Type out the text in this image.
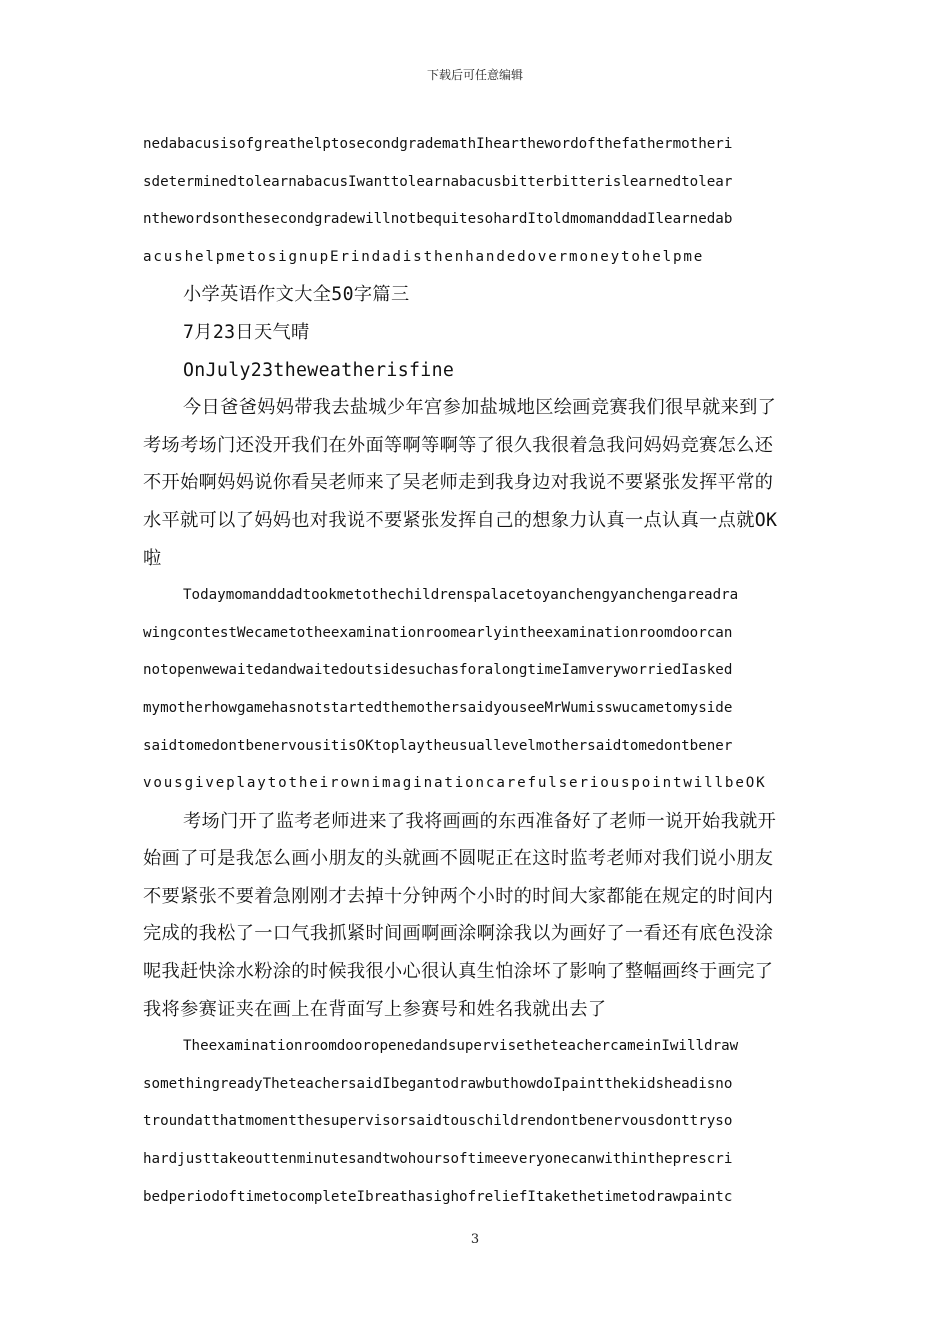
下载后可任意编辑
nedabacusisofgreathelptosecondgrademathIhearthewordofthefathermotheri
sdeterminedtolearnabacusIwanttolearnabacusbitterbitterislearnedtolear
nthewordsonthesecondgradewillnotbequitesohardItoldmomanddadIlearnedab
acushelpmetosignupErindadisthenhandedovermoneytohelpme
小学英语作文大全50字篇三
7月23日天气晴
OnJuly23theweatherisfine
今日爸爸妈妈带我去盐城少年宫参加盐城地区绘画竞赛我们很早就来到了
考场考场门还没开我们在外面等啊等啊等了很久我很着急我问妈妈竞赛怎么还
不开始啊妈妈说你看吴老师来了吴老师走到我身边对我说不要紧张发挥平常的
水平就可以了妈妈也对我说不要紧张发挥自己的想象力认真一点认真一点就OK
啦
Todaymomanddadtookmetothechildrenspalacetoyanchengyanchengareadra
wingcontestWecametotheexaminationroomearlyintheexaminationroomdoorcan
notopenwewaitedandwaitedoutsidesuchasforalongtimeIamveryworriedIasked
mymotherhowgamehasnotstartedthemothersaidyouseeMrWumisswucametomyside
saidtomedontbenervousitisOKtoplaytheusuallevelmothersaidtomedontbener
vousgiveplaytotheirownimaginationcarefulseriouspointwillbeOK
考场门开了监考老师进来了我将画画的东西准备好了老师一说开始我就开
始画了可是我怎么画小朋友的头就画不圆呢正在这时监考老师对我们说小朋友
不要紧张不要着急刚刚才去掉十分钟两个小时的时间大家都能在规定的时间内
完成的我松了一口气我抓紧时间画啊画涂啊涂我以为画好了一看还有底色没涂
呢我赶快涂水粉涂的时候我很小心很认真生怕涂坏了影响了整幅画终于画完了
我将参赛证夹在画上在背面写上参赛号和姓名我就出去了
TheexaminationroomdooropenedandsupervisetheteachercameinIwilldraw
somethingreadyTheteachersaidIbegantodrawbuthowdoIpaintthekidsheadisno
troundatthatmomentthesupervisorsaidtouschildrendontbenervousdonttryso
hardjusttakeouttenminutesandtwohoursoftimeeveryonecanwithintheprescri
bedperiodoftimetocompleteIbreathasighofreliefItakethetimetodrawpaintc
3
